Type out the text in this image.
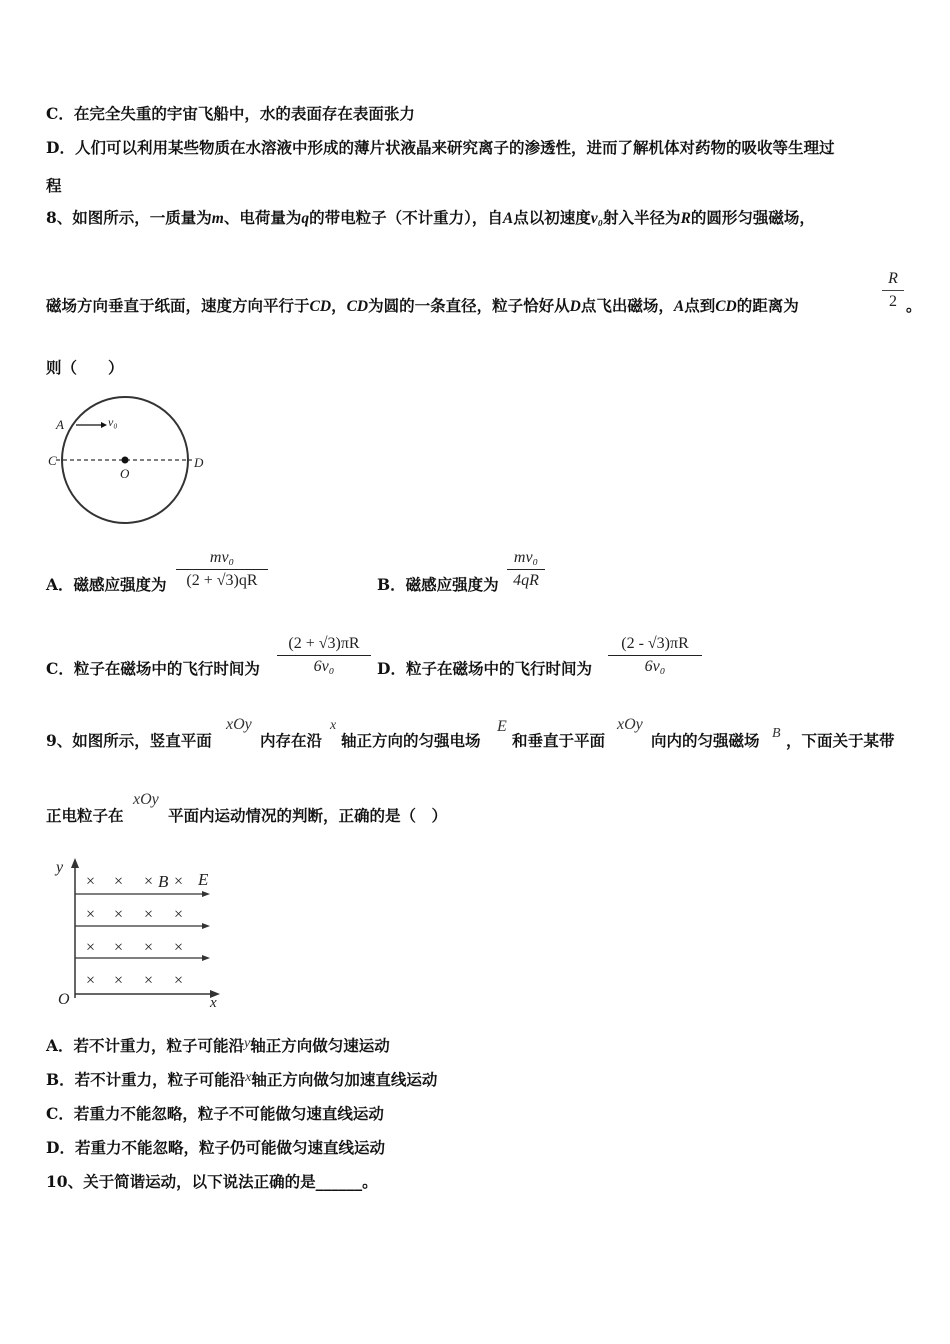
C．在完全失重的宇宙飞船中，水的表面存在表面张力
D．人们可以利用某些物质在水溶液中形成的薄片状液晶来研究离子的渗透性，进而了解机体对药物的吸收等生理过
程
8、如图所示，一质量为m、电荷量为q的带电粒子（不计重力），自A点以初速度v₀射入半径为R的圆形匀强磁场，
磁场方向垂直于纸面，速度方向平行于CD，CD为圆的一条直径，粒子恰好从D点飞出磁场，A点到CD的距离为	$\frac{R}{2}$ 。
则（　　）
A	v₀
C
O
D
A．磁感应强度为 $\frac{\text{mv₀}}{(2 + √3)qR}$	B．磁感应强度为 $\frac{\text{mv₀}}{4qR}$
C．粒子在磁场中的飞行时间为 $\frac{(2 + √3)\pi R}{\text{6v₀}}$ D．粒子在磁场中的飞行时间为 $\frac{(2 - √3)\pi R}{\text{6v₀}}$
9、如图所示，竖直平面
xOy
内存在沿
x
轴正方向的匀强电场
E
和垂直于平面
xOy
向内的匀强磁场 B ，下面关于某带
正电粒子在
xOy
平面内运动情况的判断，正确的是（　）
× × × ×
× × × ×
× × × ×
× × × ×
B E
y
O	x
A．若不计重力，粒子可能沿y轴正方向做匀速运动
B．若不计重力，粒子可能沿x轴正方向做匀加速直线运动
C．若重力不能忽略，粒子不可能做匀速直线运动
D．若重力不能忽略，粒子仍可能做匀速直线运动
10、关于简谐运动，以下说法正确的是______。
